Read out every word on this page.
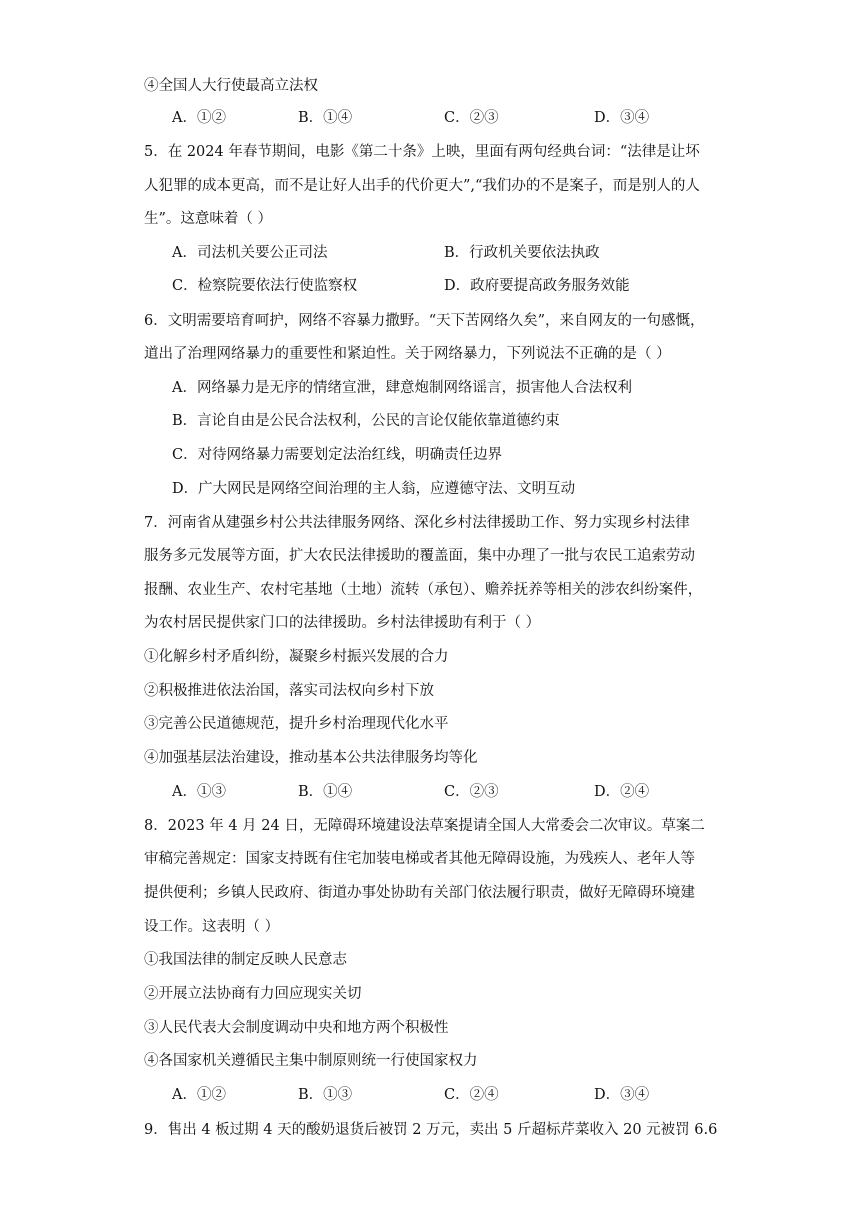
④全国人大行使最高立法权
A．①②	B．①④	C．②③	D．③④
5．在 2024 年春节期间，电影《第二十条》上映，里面有两句经典台词：“法律是让坏
人犯罪的成本更高，而不是让好人出手的代价更大”,“我们办的不是案子，而是别人的人
生”。这意味着（ ）
A．司法机关要公正司法	B．行政机关要依法执政
C．检察院要依法行使监察权	D．政府要提高政务服务效能
6．文明需要培育呵护，网络不容暴力撒野。“天下苦网络久矣”，来自网友的一句感慨，
道出了治理网络暴力的重要性和紧迫性。关于网络暴力，下列说法不正确的是（ ）
A．网络暴力是无序的情绪宣泄，肆意炮制网络谣言，损害他人合法权利
B．言论自由是公民合法权利，公民的言论仅能依靠道德约束
C．对待网络暴力需要划定法治红线，明确责任边界
D．广大网民是网络空间治理的主人翁，应遵德守法、文明互动
7．河南省从建强乡村公共法律服务网络、深化乡村法律援助工作、努力实现乡村法律
服务多元发展等方面，扩大农民法律援助的覆盖面，集中办理了一批与农民工追索劳动
报酬、农业生产、农村宅基地（土地）流转（承包）、赡养抚养等相关的涉农纠纷案件，
为农村居民提供家门口的法律援助。乡村法律援助有利于（ ）
①化解乡村矛盾纠纷，凝聚乡村振兴发展的合力
②积极推进依法治国，落实司法权向乡村下放
③完善公民道德规范，提升乡村治理现代化水平
④加强基层法治建设，推动基本公共法律服务均等化
A．①③	B．①④	C．②③	D．②④
8．2023 年 4 月 24 日，无障碍环境建设法草案提请全国人大常委会二次审议。草案二
审稿完善规定：国家支持既有住宅加装电梯或者其他无障碍设施，为残疾人、老年人等
提供便利；乡镇人民政府、街道办事处协助有关部门依法履行职责，做好无障碍环境建
设工作。这表明（ ）
①我国法律的制定反映人民意志
②开展立法协商有力回应现实关切
③人民代表大会制度调动中央和地方两个积极性
④各国家机关遵循民主集中制原则统一行使国家权力
A．①②	B．①③	C．②④	D．③④
9．售出 4 板过期 4 天的酸奶退货后被罚 2 万元，卖出 5 斤超标芹菜收入 20 元被罚 6.6
